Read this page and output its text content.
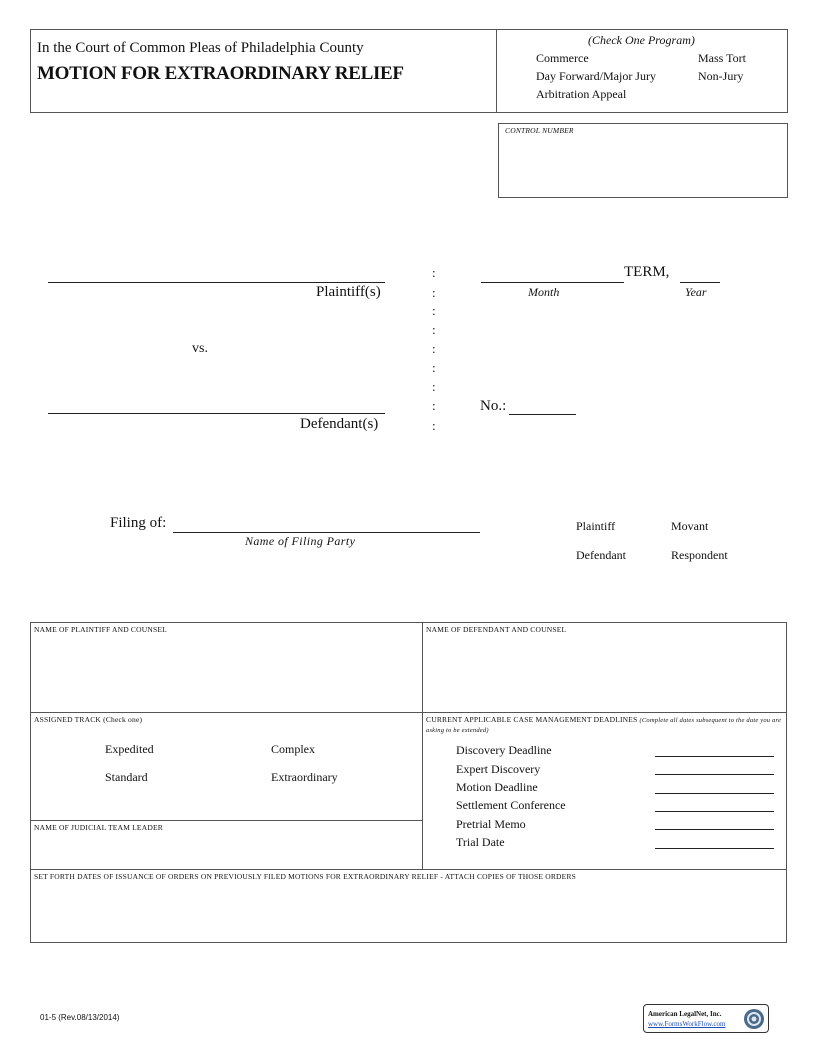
In the Court of Common Pleas of Philadelphia County
MOTION FOR EXTRAORDINARY RELIEF
(Check One Program)
Commerce	Mass Tort
Day Forward/Major Jury	Non-Jury
Arbitration Appeal
CONTROL NUMBER
Plaintiff(s)
vs.
Defendant(s)
:
:
:
:
:
:
:
:
:
TERM,
Month	Year
No.:
Filing of:
Name of Filing Party
Plaintiff	Movant
Defendant	Respondent
NAME OF PLAINTIFF AND COUNSEL	NAME OF DEFENDANT AND COUNSEL
ASSIGNED TRACK (Check one)
Expedited	Complex
Standard	Extraordinary
CURRENT APPLICABLE CASE MANAGEMENT DEADLINES (Complete all dates subsequent to the date you are asking to be extended)
Discovery Deadline
Expert Discovery
Motion Deadline
Settlement Conference
Pretrial Memo
Trial Date
NAME OF JUDICIAL TEAM LEADER
SET FORTH DATES OF ISSUANCE OF ORDERS ON PREVIOUSLY FILED MOTIONS FOR EXTRAORDINARY RELIEF - ATTACH COPIES OF THOSE ORDERS
01-5 (Rev.08/13/2014)	American LegalNet, Inc.
www.FormsWorkFlow.com
